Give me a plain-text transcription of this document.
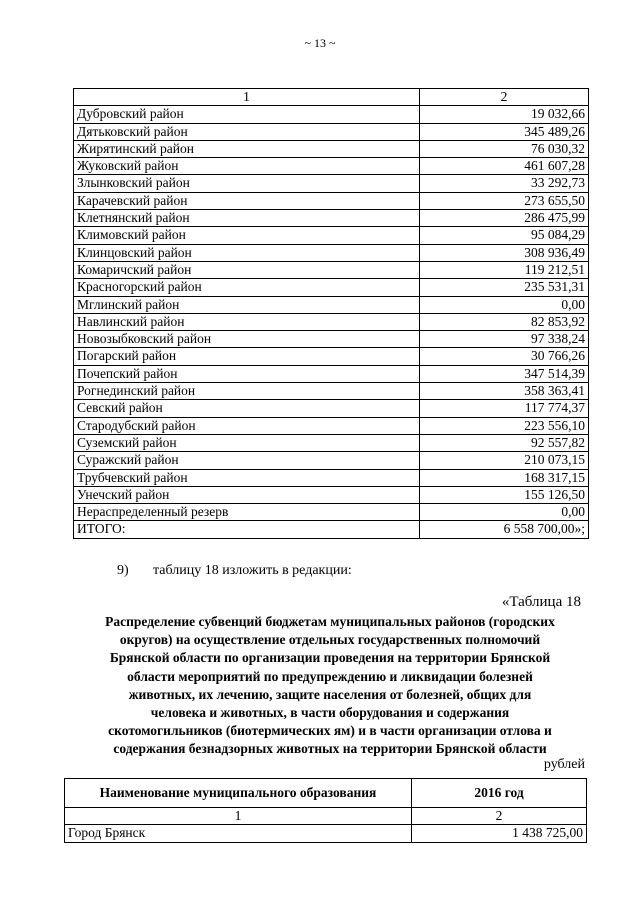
~ 13 ~
1	2
Дубровский район	19 032,66
Дятьковский район	345 489,26
Жирятинский район	76 030,32
Жуковский район	461 607,28
Злынковский район	33 292,73
Карачевский район	273 655,50
Клетнянский район	286 475,99
Климовский район	95 084,29
Клинцовский район	308 936,49
Комаричский район	119 212,51
Красногорский район	235 531,31
Мглинский район	0,00
Навлинский район	82 853,92
Новозыбковский район	97 338,24
Погарский район	30 766,26
Почепский район	347 514,39
Рогнединский район	358 363,41
Севский район	117 774,37
Стародубский район	223 556,10
Суземский район	92 557,82
Суражский район	210 073,15
Трубчевский район	168 317,15
Унечский район	155 126,50
Нераспределенный резерв	0,00
ИТОГО:	6 558 700,00»;
9) таблицу 18 изложить в редакции:
«Таблица 18
Распределение субвенций бюджетам муниципальных районов (городских
округов) на осуществление отдельных государственных полномочий
Брянской области по организации проведения на территории Брянской
области мероприятий по предупреждению и ликвидации болезней
животных, их лечению, защите населения от болезней, общих для
человека и животных, в части оборудования и содержания
скотомогильников (биотермических ям) и в части организации отлова и
содержания безнадзорных животных на территории Брянской области
рублей
Наименование муниципального образования	2016 год
1	2
Город Брянск	1 438 725,00
